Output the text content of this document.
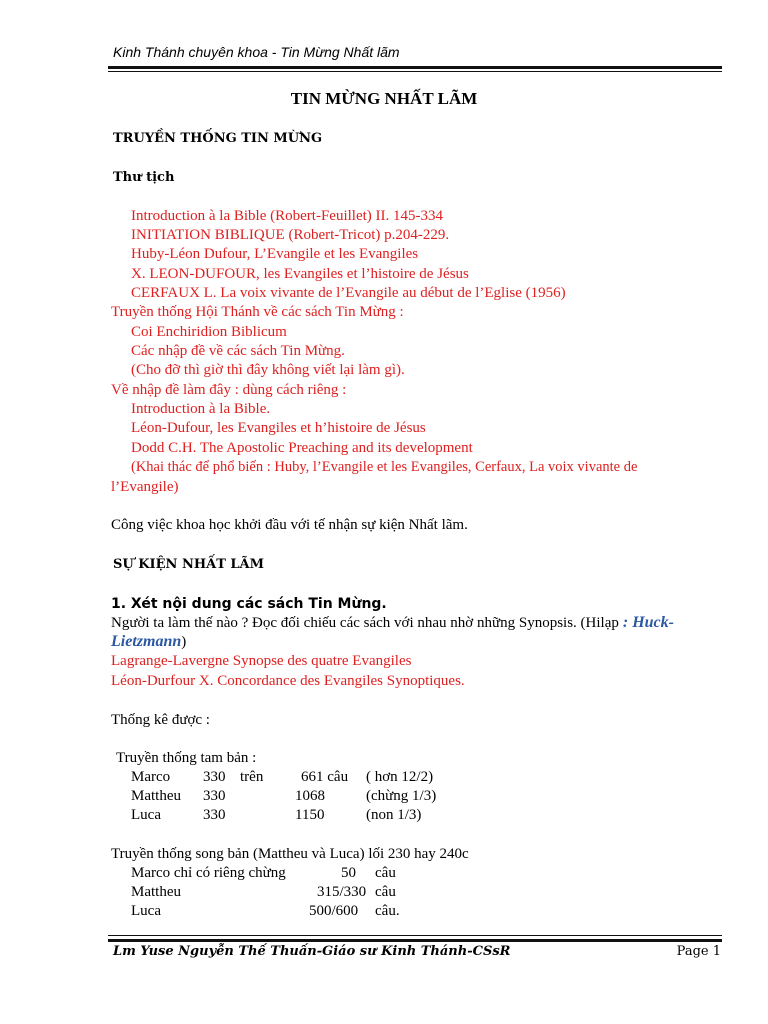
Kinh Thánh chuyên khoa - Tin Mừng Nhất lãm
TIN MỪNG NHẤT LÃM
TRUYỀN THỐNG TIN MỪNG
Thư tịch
Introduction à la Bible (Robert-Feuillet) II. 145-334
INITIATION BIBLIQUE (Robert-Tricot) p.204-229.
Huby-Léon Dufour, L’Evangile et les Evangiles
X. LEON-DUFOUR, les Evangiles et l’histoire de Jésus
CERFAUX L. La voix vivante de l’Evangile au début de l’Eglise (1956)
Truyền thống Hội Thánh về các sách Tin Mừng :
Coi Enchiridion Biblicum
Các nhập đề về các sách Tin Mừng.
(Cho đỡ thì giờ thì đây không viết lại làm gì).
Về nhập đề làm đây : dùng cách riêng :
Introduction à la Bible.
Léon-Dufour, les Evangiles et h’histoire de Jésus
Dodd C.H. The Apostolic Preaching and its development
(Khai thác để phổ biến : Huby, l’Evangile et les Evangiles, Cerfaux, La voix vivante de
l’Evangile)
Công việc khoa học khởi đầu với tế nhận sự kiện Nhất lãm.
SỰ KIỆN NHẤT LÃM
1. Xét nội dung các sách Tin Mừng.
Người ta làm thế nào ? Đọc đối chiếu các sách với nhau nhờ những Synopsis. (Hilạp : Huck-
Lietzmann)
Lagrange-Lavergne Synopse des quatre Evangiles
Léon-Durfour X. Concordance des Evangiles Synoptiques.
Thống kê được :
Truyền thống tam bản :
Marco 330 trên	661 câu ( hơn 12/2)
Mattheu 330	1068	(chừng 1/3)
Luca	330	1150	(non 1/3)
Truyền thống song bản (Mattheu và Luca) lối 230 hay 240c
Marco chỉ có riêng chừng	50 câu
Mattheu	315/330 câu
Luca	500/600 câu.
Lm Yuse Nguyễn Thế Thuấn-Giáo sư Kinh Thánh-CSsR	Page 1
